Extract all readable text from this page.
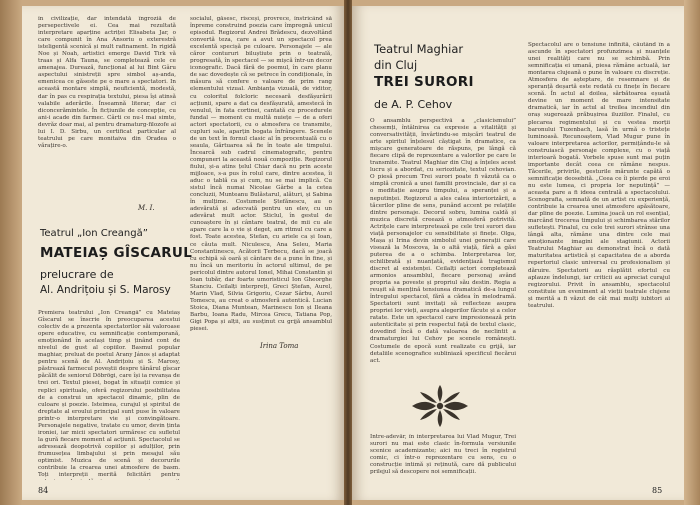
în civilizație, dar intendată îngroziă de persepectivele ei. Cea mai rezultată interpretare aparține actriței Elisabeta Jar, o care compunit în Ana Ansoriu o exterestră isteligentă scenică și mult rafinament. In rigidă Noe și Noah, artistici emerge David Tirk vă traas și Alfa Tauna, se completează cele ce amenajea. Durează, funcțional al lui Bint Gâru aspectului sinistreții spre simbol aș-anda, emenicea ce găseste pe o mare a spectatori. In această montare simplă, neuficientă, modestă, dar în pas cu respirația textului, piesa își atinsă valabile aderările. Înseamnă literar, dar ci diconcerămintele. În ficțiunile de concepție, cu ani-i acade din farmec. Cârti ce nu-l mai simte, devrăz doar mai, al pentru dramaturg-filozofe ai lui I. D. Sirbu, un certificat particular al teatrului pe care monitaiva din Oradea o vărațire-o.

M. I.

socialul, găsesc, risceși, provrece, înstricând să înpreme construind poezia care împregnă unicul episodul. Regizorul Andrei Brădescu, dezvoltând convertă teza, care a avut un spectacol prea excelentă specișă pe culoare. Personajele — ale căror contururi biluștiute prin o teatrală, progresată, în spectacol — se mișcă într-un decor iconografic. Dacă fără de poemul, în care planu de sac dovedește că se petrece în condiționale, în măsura să confere o valoare de prim rang elementului vizual. Ambianța vizuală, de viditor, cu coloritul folcloric necesară desfășurării acțiunii, spare a dat ca desfășurată, amestecă în venulul, în fata cortinei, cantată cu procedurele fundal — moment cu multă nuiețe — de a oferi actori spectatorii, cu o atmosfera ce transmite, cupluri sale, aparțin bogata înfrângere. Scenele de un text în fornul clasic al în procentuală cu o seaula, Gărtuarea să fie în toate ale timpului. Încearcă sub cadrul cinematografic, pentru compuneri la această nouă compoziție. Regizorul fiului, și-a atins țelul Chiar dacă nu prin aceste mijloace, s-a pus în rolul care, dintre acestea, îi aduc o tablă ca și cum, nu se mai implică. Cu sistul încă numai Nicolae Gârbe a la cetea concluzii, Munteanu Bulăstarul, alături, și Sabina în mulțime. Costumele Ștefănescu, au o adevărată și adecvată pentru un elev, cu un adevărat mult actor. Sticlul, în gestul de cunoaștere în și cântare teatral, de mii cu ale apare care la o vie și deget, am ritmul cu care a fost. Toate acestea, Stefan, cu ariele ca și Ioan, ce căuta mult. Niculescu, Ana Seleu, Maria Constantinescu, Acătorii Țerbecu, dacă se joacă cu echipă să oară și cântare de a pune în fine, și nu încă un meritoriu în actorul ultimul, de pe pericolul dintre autorul Ionel, Mihai Constantin și Ioan tubăr, dar foarte umoristicul Ion Gheorghe Stanciu. Ceilalți interpreți, Greci Ștefan, Aurel, Marin Vlad, Silvia Grigoriu, Cezar Sârbu, Aurel Tomescu, au creat o atmosferă autentică. Lucian Stoica, Diana Muntean, Marinescu Ion și Ileana Barbu, Ioana Radu, Mircea Grecu, Tatiana Pop, Gigi Popa și alții, au susținut cu grijă ansamblul piesei.

Irina Toma
Teatrul „Ion Creangă”
MATEIAȘ GÎSCARUL
prelucrare de
Al. Andrițoiu și S. Marosy

Premiera teatrului „Ion Creangă” cu Mateiaș Gîscarul se înscrie în preocuparea acestui colectiv de a prezenta spectatorilor săi valoroase opere educative, cu semnificație contemporană, emoționând în același timp și ținând cont de nivelul de gust al copiilor. Basmul popular maghiar, preluat de poetul Arany János și adaptat pentru scenă de Al. Andrițoiu și S. Marosy, păstrează farmecul poveștii despre tânărul gîscar păcălit de seniorul Döbrögi, care își ia revanșa de trei ori. Textul piesei, bogat în situații comice și replici spirituale, oferă regizorului posibilitatea de a construi un spectacol dinamic, plin de culoare și poezie. Isteimea, curajul și spiritul de dreptate al eroului principal sunt puse în valoare printr-o interpretare vie și convingătoare. Personajele negative, tratate cu umor, devin ținta ironiei, iar micii spectatori urmăresc cu sufletul la gură fiecare moment al acțiunii. Spectacolul se adresează deopotrivă copiilor și adulților, prin frumusețea limbajului și prin mesajul său optimist. Muzica de scenă și decorurile contribuie la crearea unei atmosfere de basm. Toți interpreții merită felicitări pentru

84
Teatrul Maghiar
din Cluj
TREI SURORI
de A. P. Cehov

O ansamblu perspectivă a „clasicismului” chesemți, întâlnirea ca expresie a vitalității și conversativității, învârtindu-se mișcări teatrul de arte spiritul înțelesul căștigat în dramatice, ca mișcare generatoare de răspuns, pe lângă că fiecare clipă de reprezentare a valorilor pe care le transmite. Teatrul Maghiar din Cluj a înțeles acest lucru și a abordat, cu seriozitate, textul cehovian. O piesă precum Trei surori poate fi văzută ca o simplă cronică a unei familii provinciale, dar și ca o meditație asupra timpului, a speranței și a neputinței. Regizorul a ales calea interiorizării, a tăcerilor pline de sens, punând accent pe relațiile dintre personaje. Decorul sobru, lumina caldă și muzica discretă creează o atmosferă potrivită. Actrițele care interpretează pe cele trei surori dau viață personajelor cu sensibilitate și finețe. Olga, Mașa și Irina devin simbolul unei generații care visează la Moscova, la o altă viață, fără a găsi puterea de a o schimba. Interpretarea lor, echilibrată și nuanțată, evidențiază tragismul discret al existenței. Ceilalți actori completează armonios ansamblul, fiecare personaj având propria sa poveste și propriul său destin. Regia a reușit să mențină tensiunea dramatică de-a lungul întregului spectacol, fără a cădea în melodramă. Spectatorii sunt invitați să reflecteze asupra propriei lor vieți, asupra alegerilor făcute și a celor ratate. Este un spectacol care impresionează prin autenticitate și prin respectul față de textul clasic, dovedind încă o dată valoarea de neclintit a dramaturgiei lui Cehov pe scenele românești. Costumele de epocă sunt realizate cu grijă, iar detaliile scenografice subliniază specificul fiecărui act.

Între-adevăr, în interpretarea lui Vlad Mugur, Trei surori nu mai este clasic în-formula versiunile scenice academizante; aici nu treci în registrul comic, ci într-o reprezentare cu sens, cu o construcție intimă și reținută, care dă publicului prilejul să descopere noi semnificații.

Spectacolul are o tensiune infinită, căutând în a ascunde în spectatori profunzimea și nuanțele unei realități care nu se schimbă. Prin semnificația ei umană, piesa rămâne actuală, iar montarea clujeană o pune în valoare cu discreție. Atmosfera de așteptare, de resemnare și de speranță deșartă este redată cu finețe în fiecare scenă. În actul al doilea, sărbătoarea eșuată devine un moment de mare intensitate dramatică, iar în actul al treilea incendiul din oraș sugerează prăbușirea iluziilor. Finalul, cu plecarea regimentului și cu vestea morții baronului Tuzenbach, lasă în urmă o tristețe luminoasă. Recunoaștem, Vlad Mugur pune în valoare interpretarea actorilor, permițându-le să construiască personaje complexe, cu o viață interioară bogată. Vorbele spuse sunt mai puțin importante decât ceea ce rămâne nespus. Tăcerile, privirile, gesturile mărunte capătă o semnificație deosebită. „Ceea ce îi pierde pe eroi nu este lumea, ci propria lor neputință” — aceasta pare a fi ideea centrală a spectacolului. Scenografia, semnată de un artist cu experiență, contribuie la crearea unei atmosfere apăsătoare, dar pline de poezie. Lumina joacă un rol esențial, marcând trecerea timpului și schimbarea stărilor sufletești. Finalul, cu cele trei surori strânse una lângă alta, rămâne una dintre cele mai emoționante imagini ale stagiunii. Actorii Teatrului Maghiar au demonstrat încă o dată maturitatea artistică și capacitatea de a aborda repertoriul clasic universal cu profesionalism și dăruire. Spectatorii au răsplătit efortul cu aplauze îndelungi, iar criticii au apreciat curajul regizorului. Privit în ansamblu, spectacolul constituie un eveniment al vieții teatrale clujene și merită a fi văzut de cât mai mulți iubitori ai teatrului.

85
